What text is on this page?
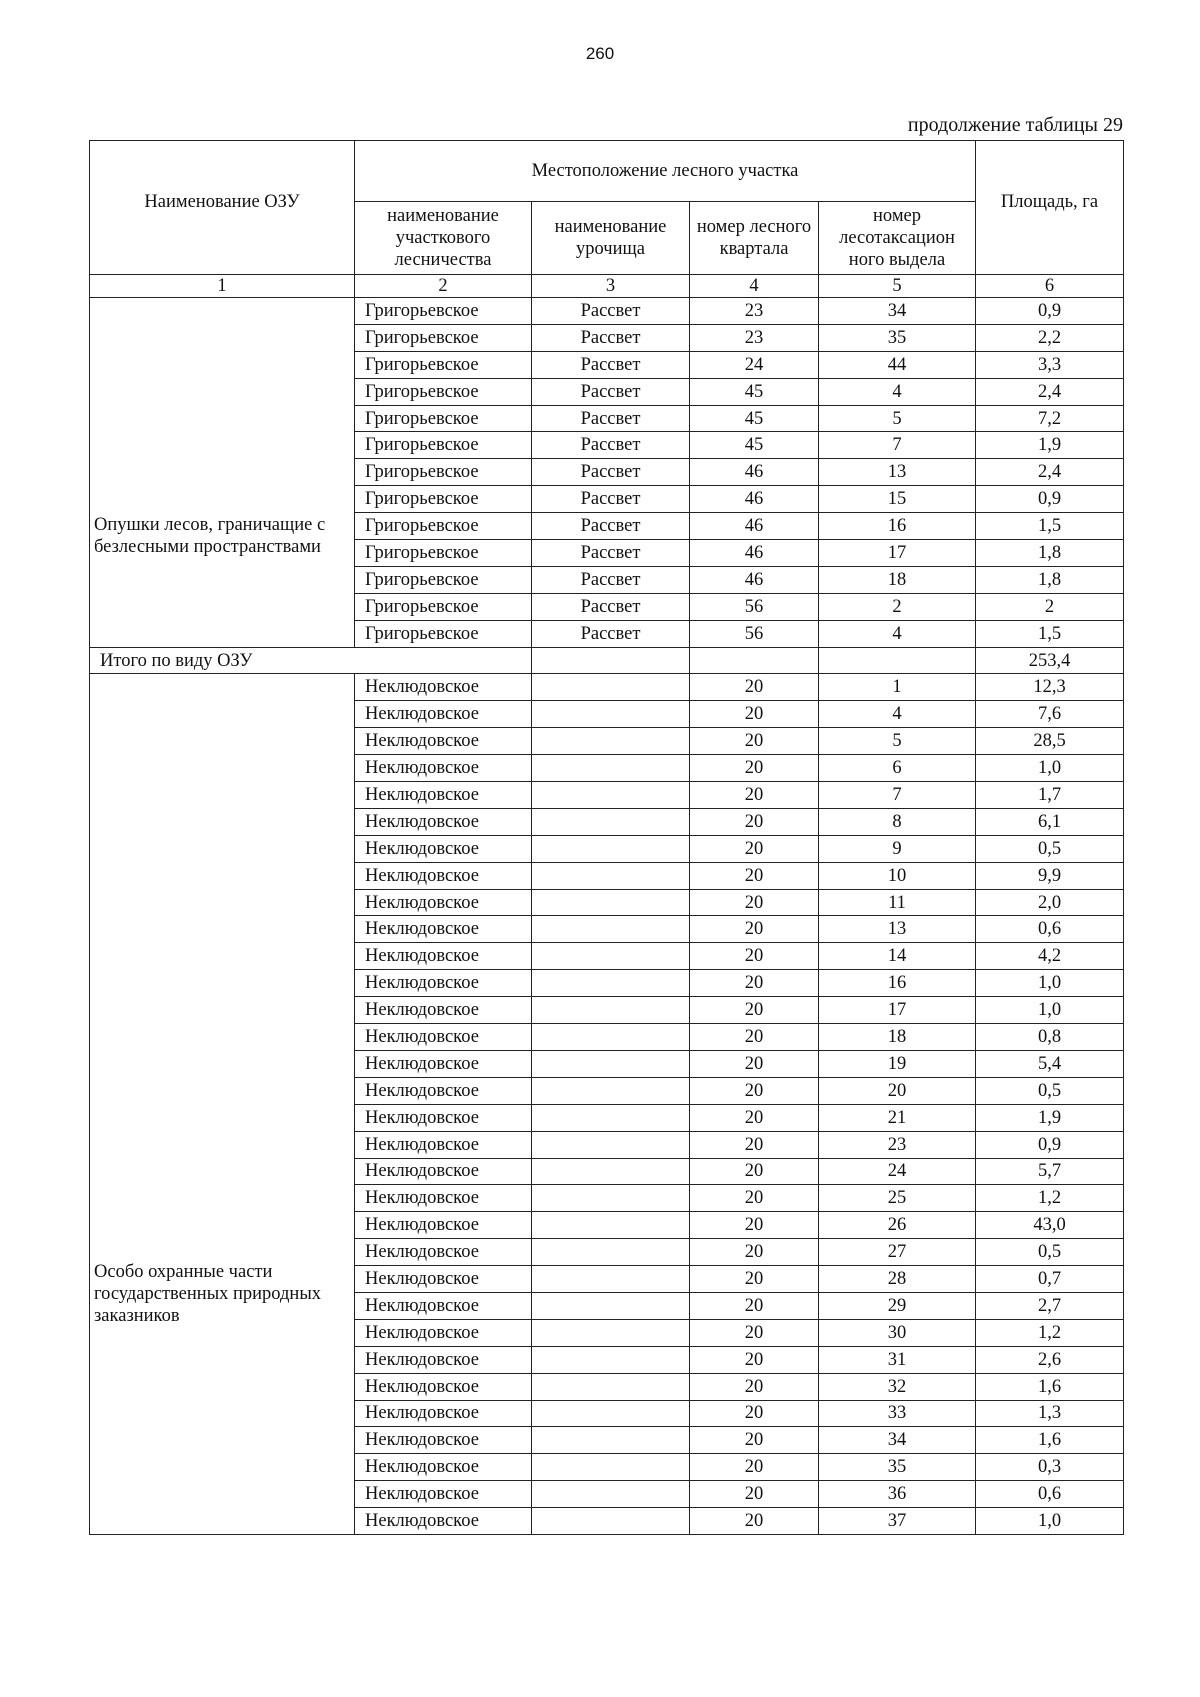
260
продолжение таблицы 29
Наименование ОЗУ	Местоположение лесного участка				Площадь, га
	наименование участкового лесничества	наименование урочища	номер лесного квартала	номер лесотаксацион ного выдела	
1	2	3	4	5	6
Опушки лесов, граничащие с безлесными пространствами	Григорьевское	Рассвет	23	34	0,9
	Григорьевское	Рассвет	23	35	2,2
	Григорьевское	Рассвет	24	44	3,3
	Григорьевское	Рассвет	45	4	2,4
	Григорьевское	Рассвет	45	5	7,2
	Григорьевское	Рассвет	45	7	1,9
	Григорьевское	Рассвет	46	13	2,4
	Григорьевское	Рассвет	46	15	0,9
	Григорьевское	Рассвет	46	16	1,5
	Григорьевское	Рассвет	46	17	1,8
	Григорьевское	Рассвет	46	18	1,8
	Григорьевское	Рассвет	56	2	2
	Григорьевское	Рассвет	56	4	1,5
Итого по виду ОЗУ					253,4
Особо охранные части государственных природных заказников	Неклюдовское		20	1	12,3
	Неклюдовское		20	4	7,6
	Неклюдовское		20	5	28,5
	Неклюдовское		20	6	1,0
	Неклюдовское		20	7	1,7
	Неклюдовское		20	8	6,1
	Неклюдовское		20	9	0,5
	Неклюдовское		20	10	9,9
	Неклюдовское		20	11	2,0
	Неклюдовское		20	13	0,6
	Неклюдовское		20	14	4,2
	Неклюдовское		20	16	1,0
	Неклюдовское		20	17	1,0
	Неклюдовское		20	18	0,8
	Неклюдовское		20	19	5,4
	Неклюдовское		20	20	0,5
	Неклюдовское		20	21	1,9
	Неклюдовское		20	23	0,9
	Неклюдовское		20	24	5,7
	Неклюдовское		20	25	1,2
	Неклюдовское		20	26	43,0
	Неклюдовское		20	27	0,5
	Неклюдовское		20	28	0,7
	Неклюдовское		20	29	2,7
	Неклюдовское		20	30	1,2
	Неклюдовское		20	31	2,6
	Неклюдовское		20	32	1,6
	Неклюдовское		20	33	1,3
	Неклюдовское		20	34	1,6
	Неклюдовское		20	35	0,3
	Неклюдовское		20	36	0,6
	Неклюдовское		20	37	1,0
